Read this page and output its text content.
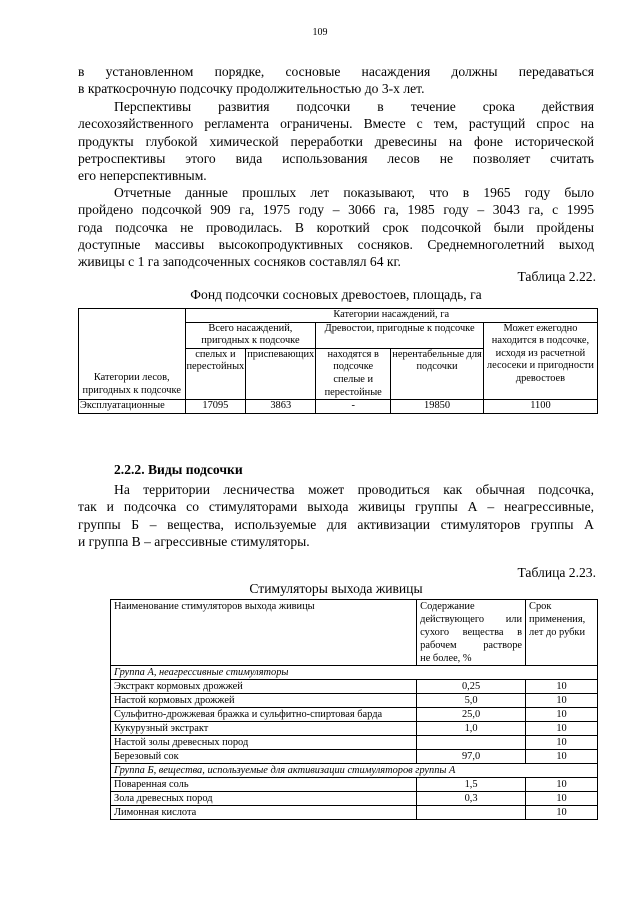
109

в установленном порядке, сосновые насаждения должны передаваться
в краткосрочную подсочку продолжительностью до 3-х лет.

Перспективы развития подсочки в течение срока действия
лесохозяйственного регламента ограничены. Вместе с тем, растущий спрос на
продукты глубокой химической переработки древесины на фоне исторической
ретроспективы этого вида использования лесов не позволяет считать
его неперспективным.

Отчетные данные прошлых лет показывают, что в 1965 году было
пройдено подсочкой 909 га, 1975 году – 3066 га, 1985 году – 3043 га, с 1995
года подсочка не проводилась. В короткий срок подсочкой были пройдены
доступные массивы высокопродуктивных сосняков. Среднемноголетний выход
живицы с 1 га заподсоченных сосняков составлял 64 кг.

Таблица 2.22.
Фонд подсочки сосновых древостоев, площадь, га
Категории лесов, пригодных к подсочке	Категории насаждений, га				
	Всего насаждений, пригодных к подсочке		Древостои, пригодные к подсочке		Может ежегодно находится в подсочке, исходя из расчетной лесосеки и пригодности древостоев
	спелых и перестойных	приспевающих	находятся в подсочке спелые и перестойные	нерентабельные для подсочки	
Эксплуатационные	17095	3863	-	19850	1100
2.2.2. Виды подсочки

На территории лесничества может проводиться как обычная подсочка,
так и подсочка со стимуляторами выхода живицы группы А – неагрессивные,
группы Б – вещества, используемые для активизации стимуляторов группы А
и группа В – агрессивные стимуляторы.

Таблица 2.23.
Стимуляторы выхода живицы
Наименование стимуляторов выхода живицы	Содержание
действующего или
сухого вещества в
рабочем растворе
не более, %	Срок применения, лет до рубки
Группа А, неагрессивные стимуляторы		
Экстракт кормовых дрожжей	0,25	10
Настой кормовых дрожжей	5,0	10
Сульфитно-дрожжевая бражка и сульфитно-спиртовая барда	25,0	10
Кукурузный экстракт	1,0	10
Настой золы древесных пород		10
Березовый сок	97,0	10
Группа Б, вещества, используемые для активизации стимуляторов группы А		
Поваренная соль	1,5	10
Зола древесных пород	0,3	10
Лимонная кислота		10
